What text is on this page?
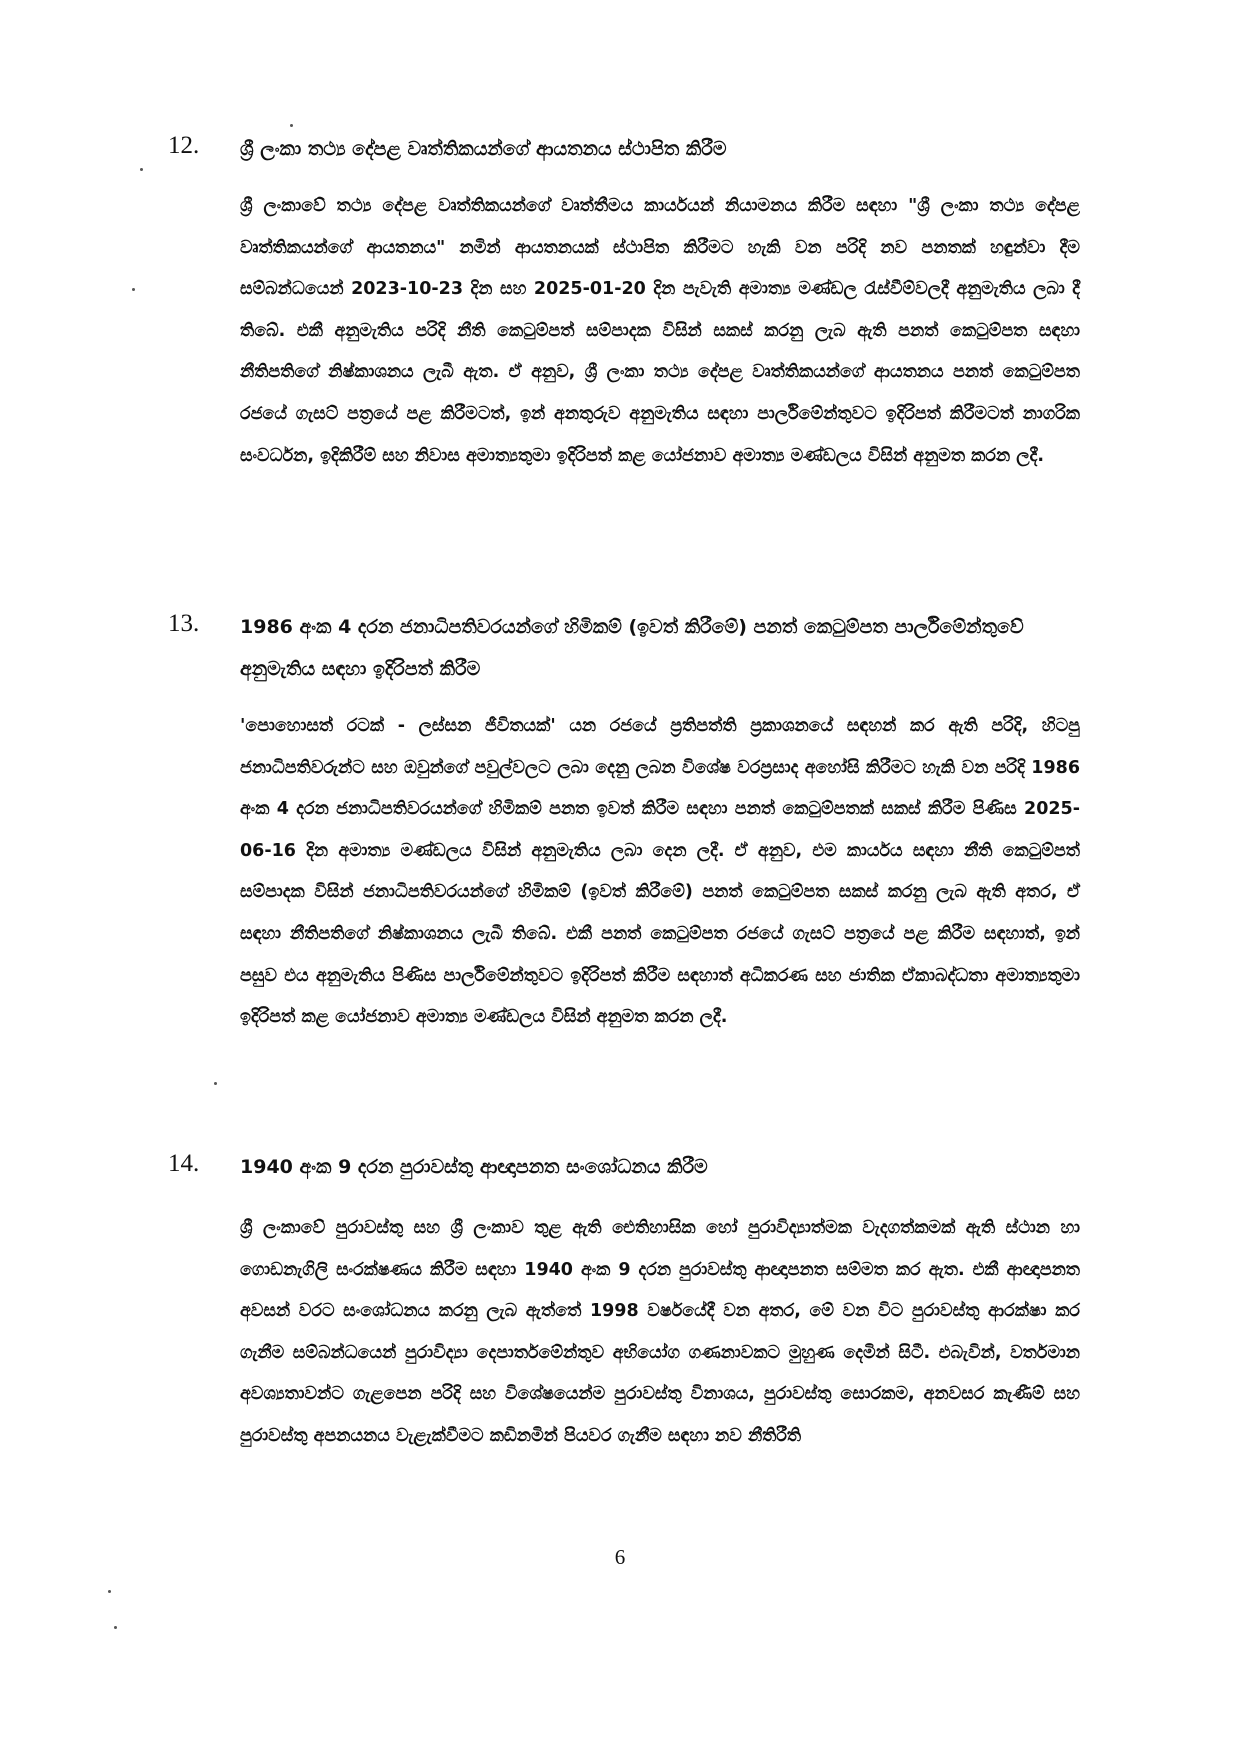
12.	ශ්‍රී ලංකා තථ්‍ය දේපළ වෘත්තිකයන්ගේ ආයතනය ස්ථාපිත කිරීම

ශ්‍රී ලංකාවේ තථ්‍ය දේපළ වෘත්තිකයන්ගේ වෘත්තීමය කාර්යයන් නියාමනය කිරීම සඳහා "ශ්‍රී ලංකා තථ්‍ය දේපළ වෘත්තිකයන්ගේ ආයතනය" නමින් ආයතනයක් ස්ථාපිත කිරීමට හැකි වන පරිදි නව පනතක් හඳුන්වා දීම සම්බන්ධයෙන් 2023-10-23 දින සහ 2025-01-20 දින පැවැති අමාත්‍ය මණ්ඩල රැස්වීම්වලදී අනුමැතිය ලබා දී තිබේ. එකී අනුමැතිය පරිදි නීති කෙටුම්පත් සම්පාදක විසින් සකස් කරනු ලැබ ඇති පනත් කෙටුම්පත සඳහා නීතිපතිගේ නිෂ්කාශනය ලැබී ඇත. ඒ අනුව, ශ්‍රී ලංකා තථ්‍ය දේපළ වෘත්තිකයන්ගේ ආයතනය පනත් කෙටුම්පත රජයේ ගැසට් පත්‍රයේ පළ කිරීමටත්, ඉන් අනතුරුව අනුමැතිය සඳහා පාර්ලිමේන්තුවට ඉදිරිපත් කිරීමටත් නාගරික සංවර්ධන, ඉදිකිරීම් සහ නිවාස අමාත්‍යතුමා ඉදිරිපත් කළ යෝජනාව අමාත්‍ය මණ්ඩලය විසින් අනුමත කරන ලදී.

13.	1986 අංක 4 දරන ජනාධිපතිවරයන්ගේ හිමිකම් (ඉවත් කිරීමේ) පනත් කෙටුම්පත පාර්ලිමේන්තුවේ අනුමැතිය සඳහා ඉදිරිපත් කිරීම

'පොහොසත් රටක් - ලස්සන ජීවිතයක්' යන රජයේ ප්‍රතිපත්ති ප්‍රකාශනයේ සඳහන් කර ඇති පරිදි, හිටපු ජනාධිපතිවරුන්ට සහ ඔවුන්ගේ පවුල්වලට ලබා දෙනු ලබන විශේෂ වරප්‍රසාද අහෝසි කිරීමට හැකි වන පරිදි 1986 අංක 4 දරන ජනාධිපතිවරයන්ගේ හිමිකම් පනත ඉවත් කිරීම සඳහා පනත් කෙටුම්පතක් සකස් කිරීම පිණිස 2025-06-16 දින අමාත්‍ය මණ්ඩලය විසින් අනුමැතිය ලබා දෙන ලදී. ඒ අනුව, එම කාර්යය සඳහා නීති කෙටුම්පත් සම්පාදක විසින් ජනාධිපතිවරයන්ගේ හිමිකම් (ඉවත් කිරීමේ) පනත් කෙටුම්පත සකස් කරනු ලැබ ඇති අතර, ඒ සඳහා නීතිපතිගේ නිෂ්කාශනය ලැබී තිබේ. එකී පනත් කෙටුම්පත රජයේ ගැසට් පත්‍රයේ පළ කිරීම සඳහාත්, ඉන් පසුව එය අනුමැතිය පිණිස පාර්ලිමේන්තුවට ඉදිරිපත් කිරීම සඳහාත් අධිකරණ සහ ජාතික ඒකාබද්ධතා අමාත්‍යතුමා ඉදිරිපත් කළ යෝජනාව අමාත්‍ය මණ්ඩලය විසින් අනුමත කරන ලදී.

14.	1940 අංක 9 දරන පුරාවස්තු ආඥාපනත සංශෝධනය කිරීම

ශ්‍රී ලංකාවේ පුරාවස්තු සහ ශ්‍රී ලංකාව තුළ ඇති ඓතිහාසික හෝ පුරාවිද්‍යාත්මක වැදගත්කමක් ඇති ස්ථාන හා ගොඩනැගිලි සංරක්ෂණය කිරීම සඳහා 1940 අංක 9 දරන පුරාවස්තු ආඥාපනත සම්මත කර ඇත. එකී ආඥාපනත අවසන් වරට සංශෝධනය කරනු ලැබ ඇත්තේ 1998 වර්ෂයේදී වන අතර, මේ වන විට පුරාවස්තු ආරක්ෂා කර ගැනීම සම්බන්ධයෙන් පුරාවිද්‍යා දෙපාර්තමේන්තුව අභියෝග ගණනාවකට මුහුණ දෙමින් සිටී. එබැවින්, වර්තමාන අවශ්‍යතාවන්ට ගැළපෙන පරිදි සහ විශේෂයෙන්ම පුරාවස්තු විනාශය, පුරාවස්තු සොරකම, අනවසර කැණීම් සහ පුරාවස්තු අපනයනය වැළැක්වීමට කඩිනමින් පියවර ගැනීම සඳහා නව නීතිරීති

6
